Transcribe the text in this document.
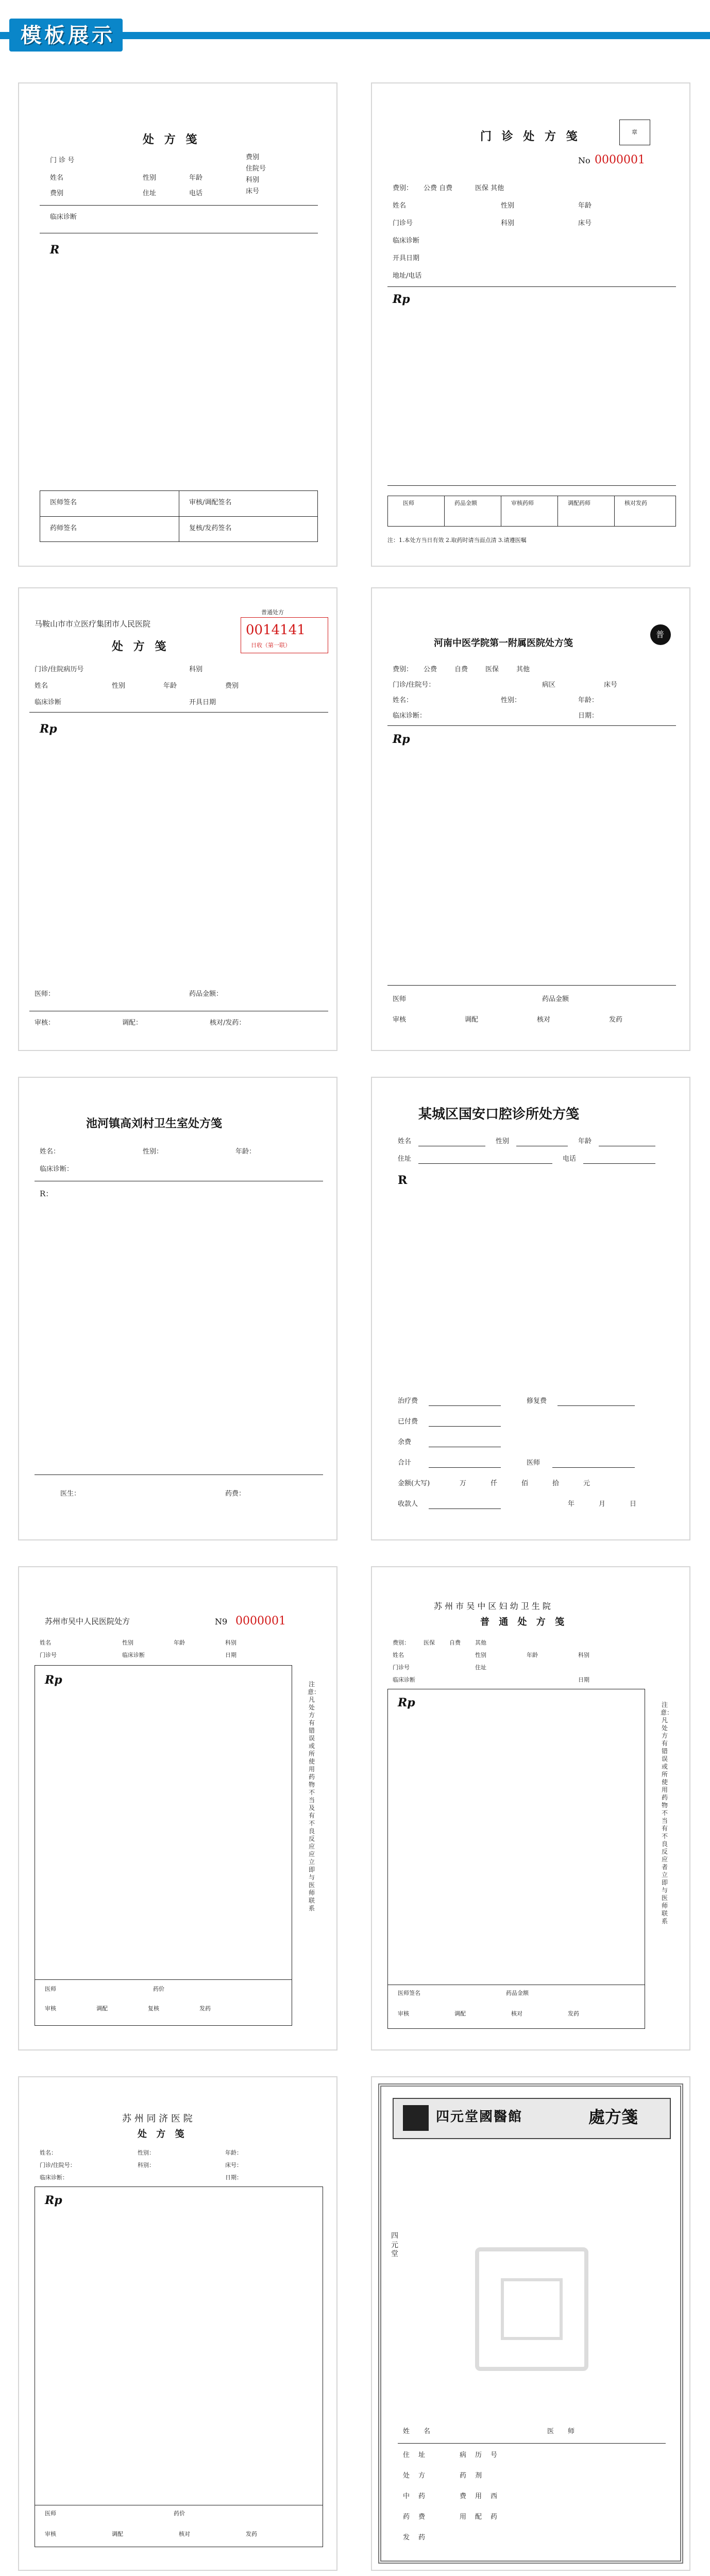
模板展示
处 方 笺
门 诊 号	费别
住院号
科别
床号
姓名	性别	年龄
费别	住址	电话
临床诊断
R
医师签名	审核/调配签名
药师签名	复核/发药签名
门 诊 处 方 笺	章
No 0000001
费别： 公费 自费	医保 其他
姓名	性别	年龄
门诊号	科别	床号
临床诊断
开具日期
地址/电话
Rp
医师	药品金额	审核药师	调配药师	核对发药
注：1.本处方当日有效 2.取药时请当面点清 3.请遵医嘱
马鞍山市市立医疗集团市人民医院
普通处方
0014141
日收（第一联）
处 方 笺
门诊/住院病历号	科别
姓名	性别	年龄	费别
临床诊断	开具日期
Rp
医师：	药品金额：
审核：	调配：	核对/发药：
河南中医学院第一附属医院处方笺
普
费别： 公费	自费	医保	其他
门诊/住院号：	病区	床号
姓名：	性别：	年龄：
临床诊断：	日期：
Rp
医师	药品金额
审核	调配	核对	发药
池河镇高刘村卫生室处方笺
姓名：	性别：	年龄：
临床诊断：
R：
医生：	药费：
某城区国安口腔诊所处方笺
姓名	性别	年龄
住址	电话
R
治疗费	修复费
已付费
余费
合计	医师
金额(大写)	万	仟	佰	拾	元
收款人	年	月	日
苏州市吴中人民医院处方	N9 0000001
姓名	性别	年龄	科别
门诊号	临床诊断	日期
Rp	注意：凡处方有错误或所使用药物不当及有不良反应应立即与医师联系
医师	药价
审核	调配	复核	发药
苏 州 市 吴 中 区 妇 幼 卫 生 院
普 通 处 方 笺
费别： 医保	自费	其他
姓名	性别	年龄	科别
门诊号	住址
临床诊断	日期
Rp	注意：凡处方有错误或所使用药物不当有不良反应者立即与医师联系
医师签名	药品金额
审核	调配	核对	发药
苏 州 同 济 医 院
处 方 笺
姓名：	性别：	年龄：
门诊/住院号：	科别：	床号：
临床诊断：	日期：
Rp
医师	药价
审核	调配	核对	发药
四元堂國醫館	處方箋
四元堂
姓 名	医 师
住 址	病 历 号
处 方	药 剂
中 药	费 用 西
药 费	用 配 药
发 药
